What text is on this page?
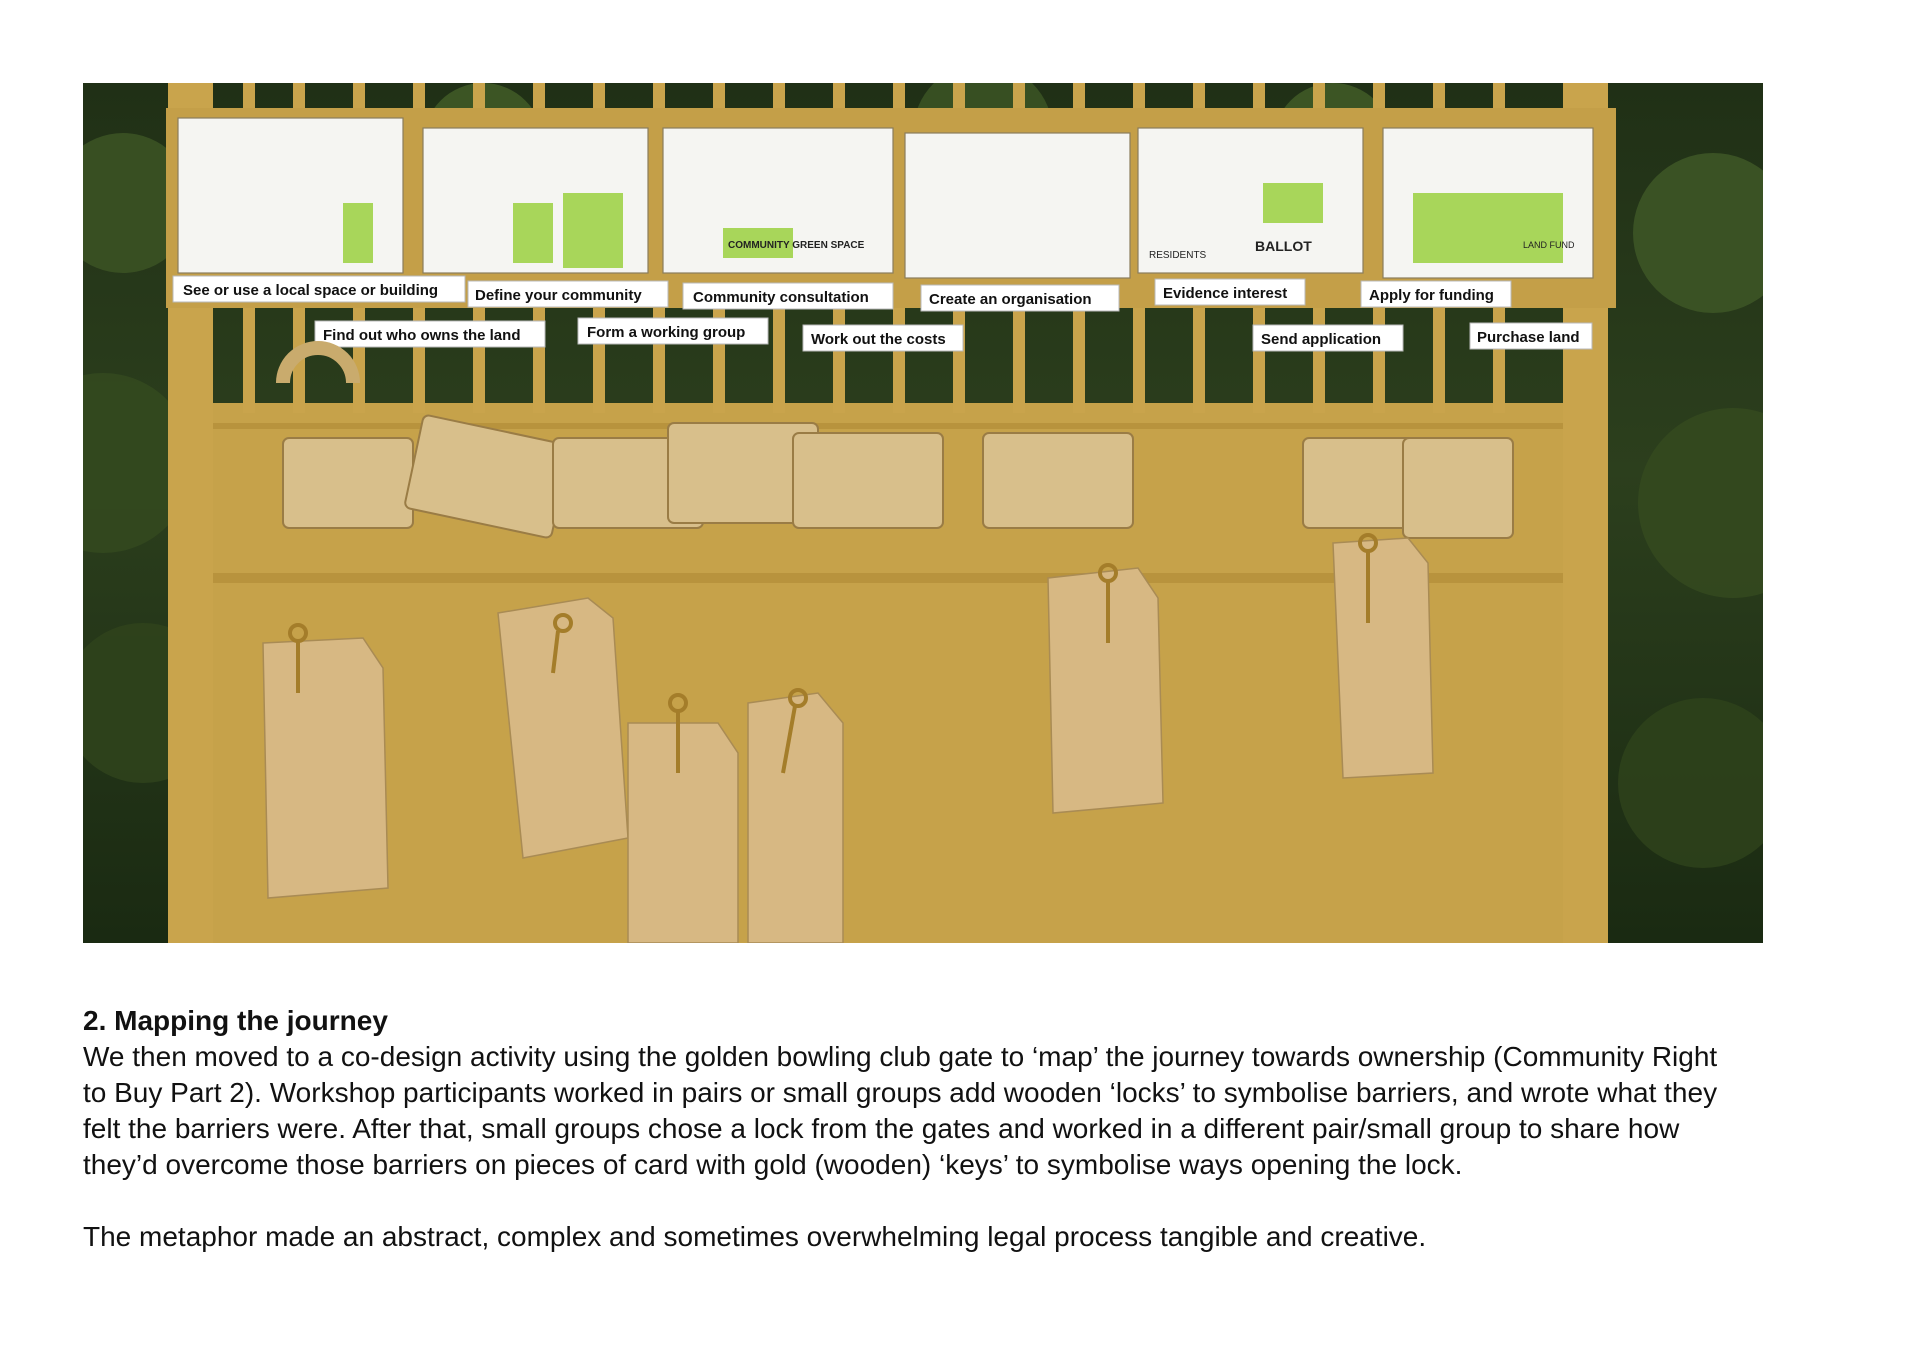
COMMUNITY GREEN SPACE	BALLOT
RESIDENTS
LAND FUND
See or use a local space or building Define your community	Community consultation	Create an organisation	Evidence interest	Apply for funding
Find out who owns the land	Form a working group	Work out the costs	Send application	Purchase land
2. Mapping the journey

We then moved to a co-design activity using the golden bowling club gate to ‘map’ the journey towards ownership (Community Right to Buy Part 2). Workshop participants worked in pairs or small groups add wooden ‘locks’ to symbolise barriers, and wrote what they felt the barriers were. After that, small groups chose a lock from the gates and worked in a different pair/small group to share how they’d overcome those barriers on pieces of card with gold (wooden) ‘keys’ to symbolise ways opening the lock.

The metaphor made an abstract, complex and sometimes overwhelming legal process tangible and creative.
